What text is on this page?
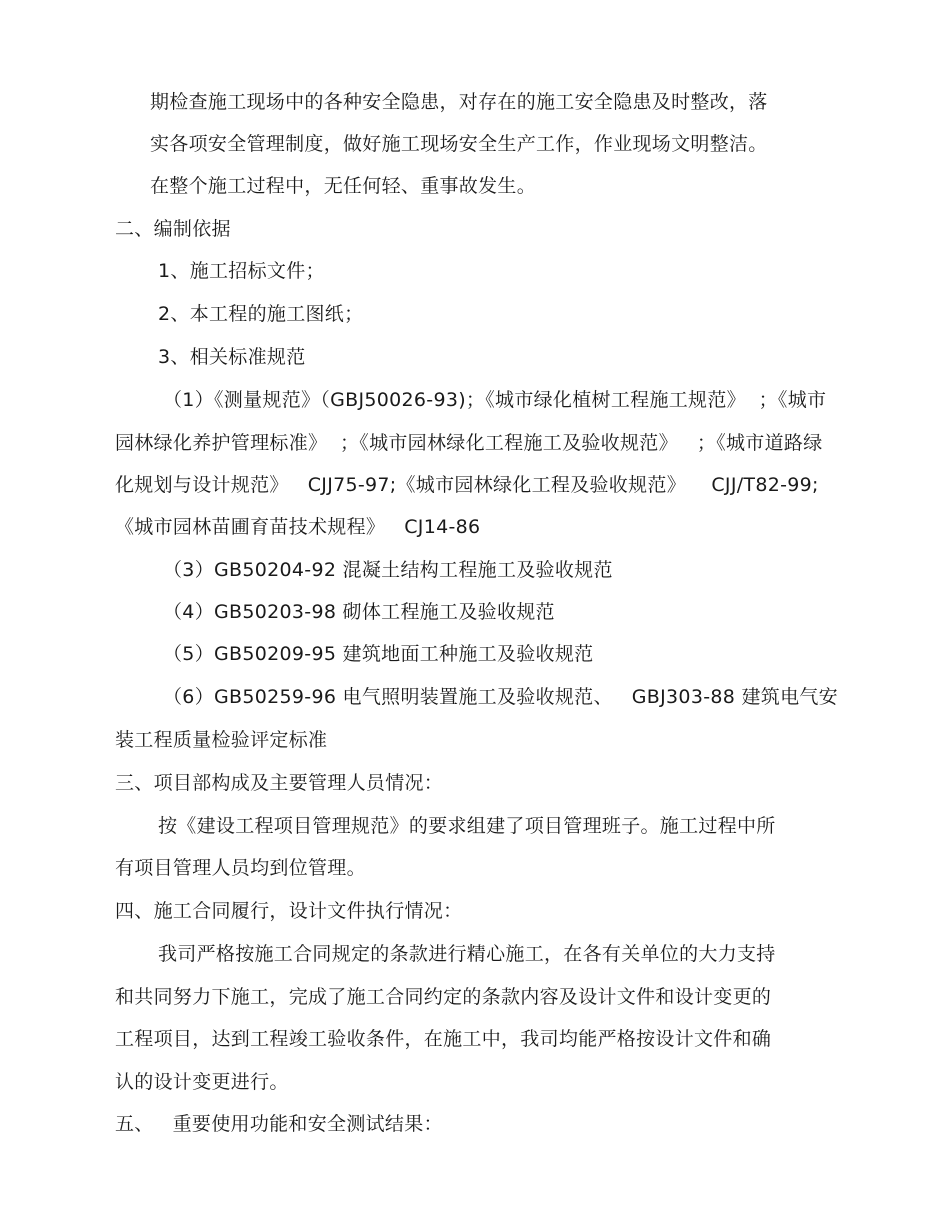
期检查施工现场中的各种安全隐患，对存在的施工安全隐患及时整改，落
实各项安全管理制度，做好施工现场安全生产工作，作业现场文明整洁。
在整个施工过程中，无任何轻、重事故发生。
二、编制依据
1、施工招标文件；
2、本工程的施工图纸；
3、相关标准规范
（1）《测量规范》（GBJ50026-93)；《城市绿化植树工程施工规范》  ；《城市
园林绿化养护管理标准》  ；《城市园林绿化工程施工及验收规范》   ；《城市道路绿
化规划与设计规范》   CJJ75-97;《城市园林绿化工程及验收规范》    CJJ/T82-99;
《城市园林苗圃育苗技术规程》   CJ14-86
（3）GB50204-92 混凝土结构工程施工及验收规范
（4）GB50203-98 砌体工程施工及验收规范
（5）GB50209-95 建筑地面工种施工及验收规范
（6）GB50259-96 电气照明装置施工及验收规范、   GBJ303-88 建筑电气安
装工程质量检验评定标准
三、项目部构成及主要管理人员情况：
按《建设工程项目管理规范》的要求组建了项目管理班子。施工过程中所
有项目管理人员均到位管理。
四、施工合同履行，设计文件执行情况：
我司严格按施工合同规定的条款进行精心施工，在各有关单位的大力支持
和共同努力下施工，完成了施工合同约定的条款内容及设计文件和设计变更的
工程项目，达到工程竣工验收条件，在施工中，我司均能严格按设计文件和确
认的设计变更进行。
五、   重要使用功能和安全测试结果：
